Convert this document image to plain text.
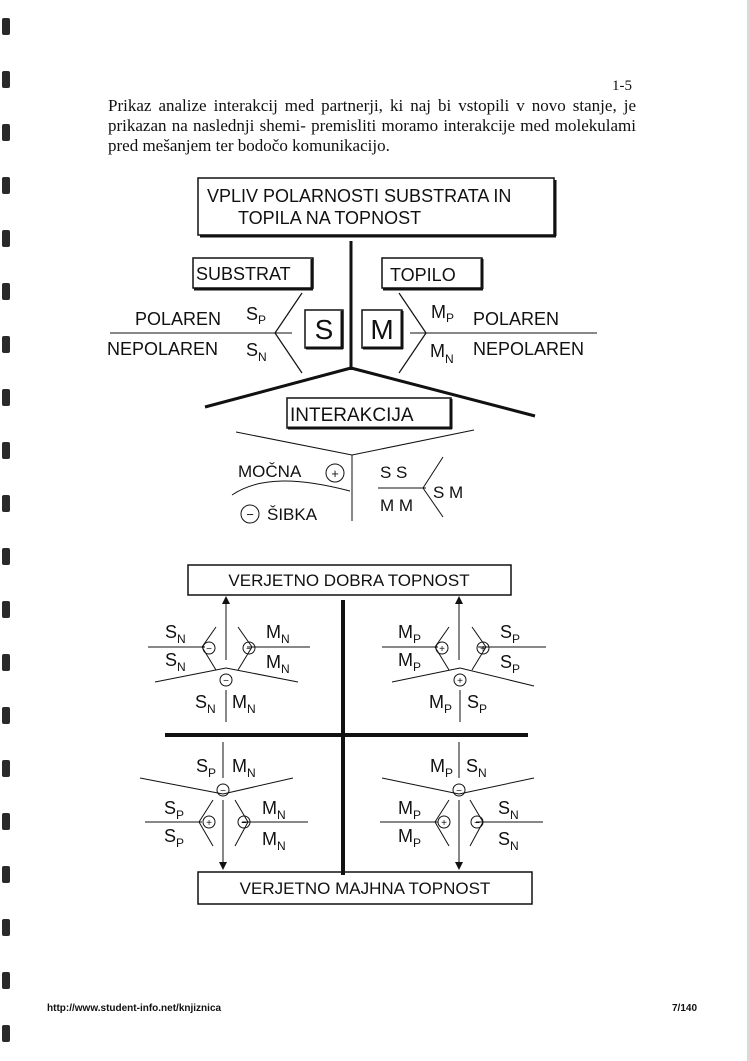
1-5
Prikaz analize interakcij med partnerji, ki naj bi vstopili v novo stanje, je prikazan na naslednji shemi- premisliti moramo interakcije med molekulami pred mešanjem ter bodočo komunikacijo.
VPLIV POLARNOSTI SUBSTRATA IN
TOPILA NA TOPNOST
SUBSTRAT	TOPILO
POLAREN
NEPOLAREN
$S_P$
$S_N$
S M
$M_P$
$M_N$
POLAREN
NEPOLAREN
INTERAKCIJA
MOČNA +
− ŠIBKA
S S
M M
S M
VERJETNO DOBRA TOPNOST
$S_N$
$S_N$
−
$M_N$
$M_N$
−
−
$S_N$ $M_N$
$M_P$
$M_P$
+
$S_P$
$S_P$
+
+
$M_P$ $S_P$
$S_P$ $M_N$
−
$S_P$
$S_P$
+
$M_N$
$M_N$
−
$M_P$ $S_N$
−
$M_P$
$M_P$
+
$S_N$
$S_N$
−
VERJETNO MAJHNA TOPNOST
http://www.student-info.net/knjiznica	7/140
